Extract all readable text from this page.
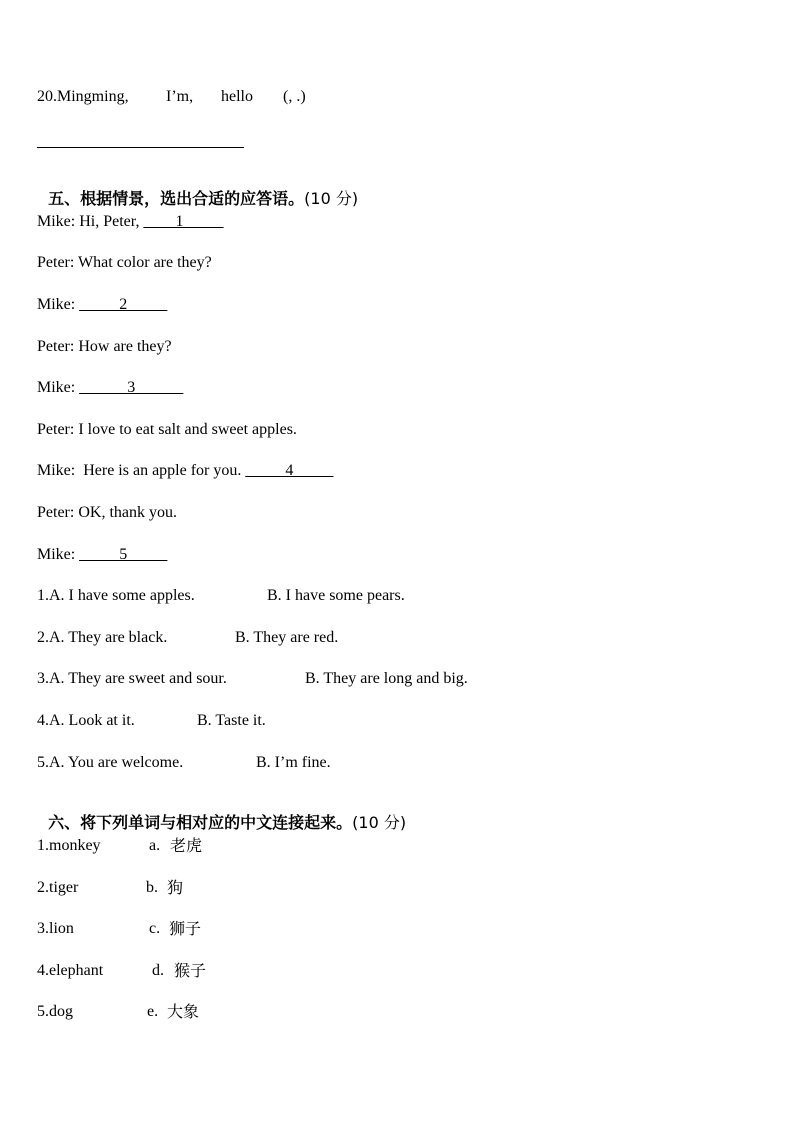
20.Mingming, I’m, hello (, .)

五、根据情景，选出合适的应答语。(10 分)

Mike: Hi, Peter, ____1_____
Peter: What color are they?
Mike: _____2_____
Peter: How are they?
Mike: ______3______
Peter: I love to eat salt and sweet apples.
Mike:  Here is an apple for you. _____4_____
Peter: OK, thank you.
Mike: _____5_____
1.A. I have some apples.	B. I have some pears.
2.A. They are black.	B. They are red.
3.A. They are sweet and sour.	B. They are long and big.
4.A. Look at it.	B. Taste it.
5.A. You are welcome.	B. I’m fine.

六、将下列单词与相对应的中文连接起来。(10 分)

1.monkey	a. 老虎
2.tiger	b. 狗
3.lion	c. 狮子
4.elephant	d. 猴子
5.dog	e. 大象
